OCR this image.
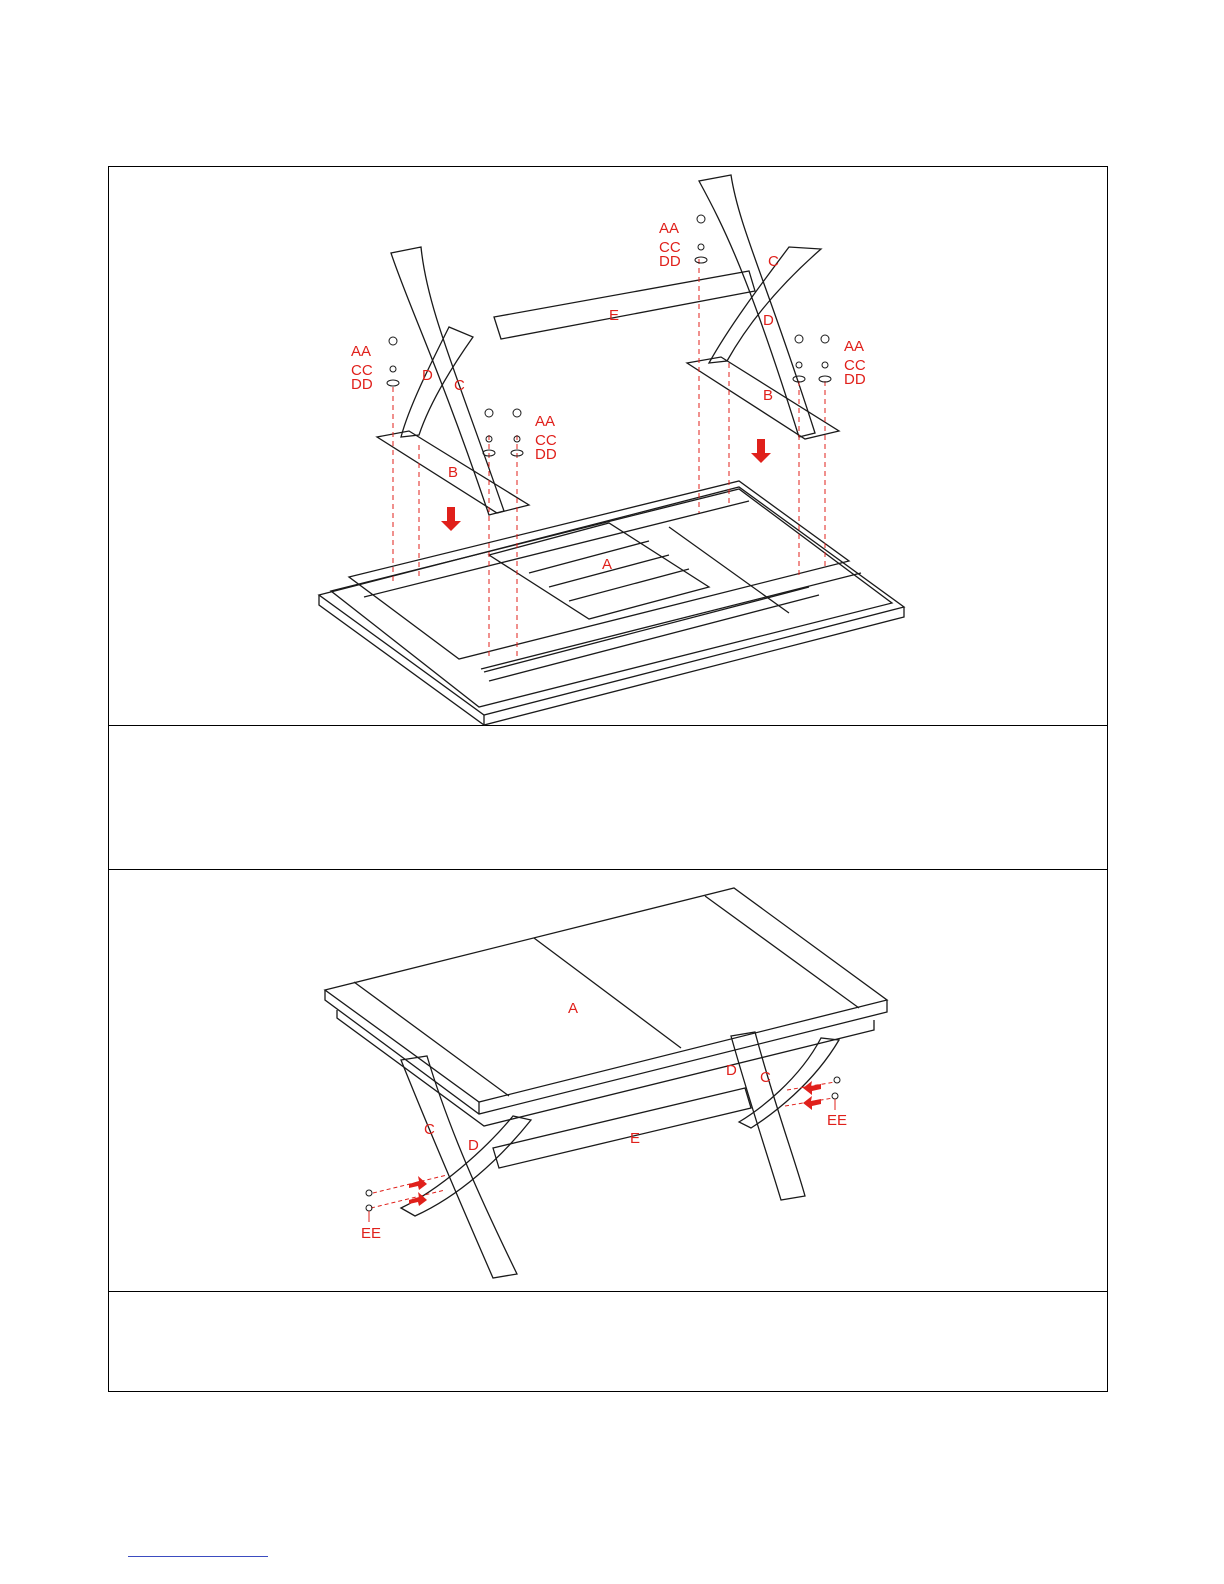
A
B
B
C
D
C
D
E
AA
CC
DD
AA
CC
DD
AA
CC
DD
AA
CC
DD
A
C
D
C
D
E
EE
EE
